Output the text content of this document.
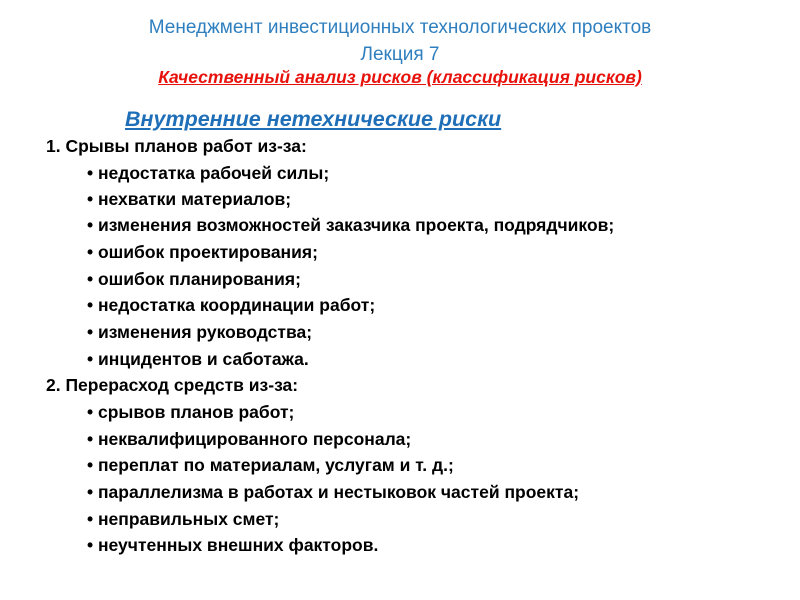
Менеджмент инвестиционных технологических проектов
Лекция 7
Качественный анализ рисков (классификация рисков)
Внутренние нетехнические риски
1. Срывы планов работ из-за:
• недостатка рабочей силы;
• нехватки материалов;
• изменения возможностей заказчика проекта, подрядчиков;
• ошибок проектирования;
• ошибок планирования;
• недостатка координации работ;
• изменения руководства;
• инцидентов и саботажа.
2. Перерасход средств из-за:
• срывов планов работ;
• неквалифицированного персонала;
• переплат по материалам, услугам и т. д.;
• параллелизма в работах и нестыковок частей проекта;
• неправильных смет;
• неучтенных внешних факторов.
